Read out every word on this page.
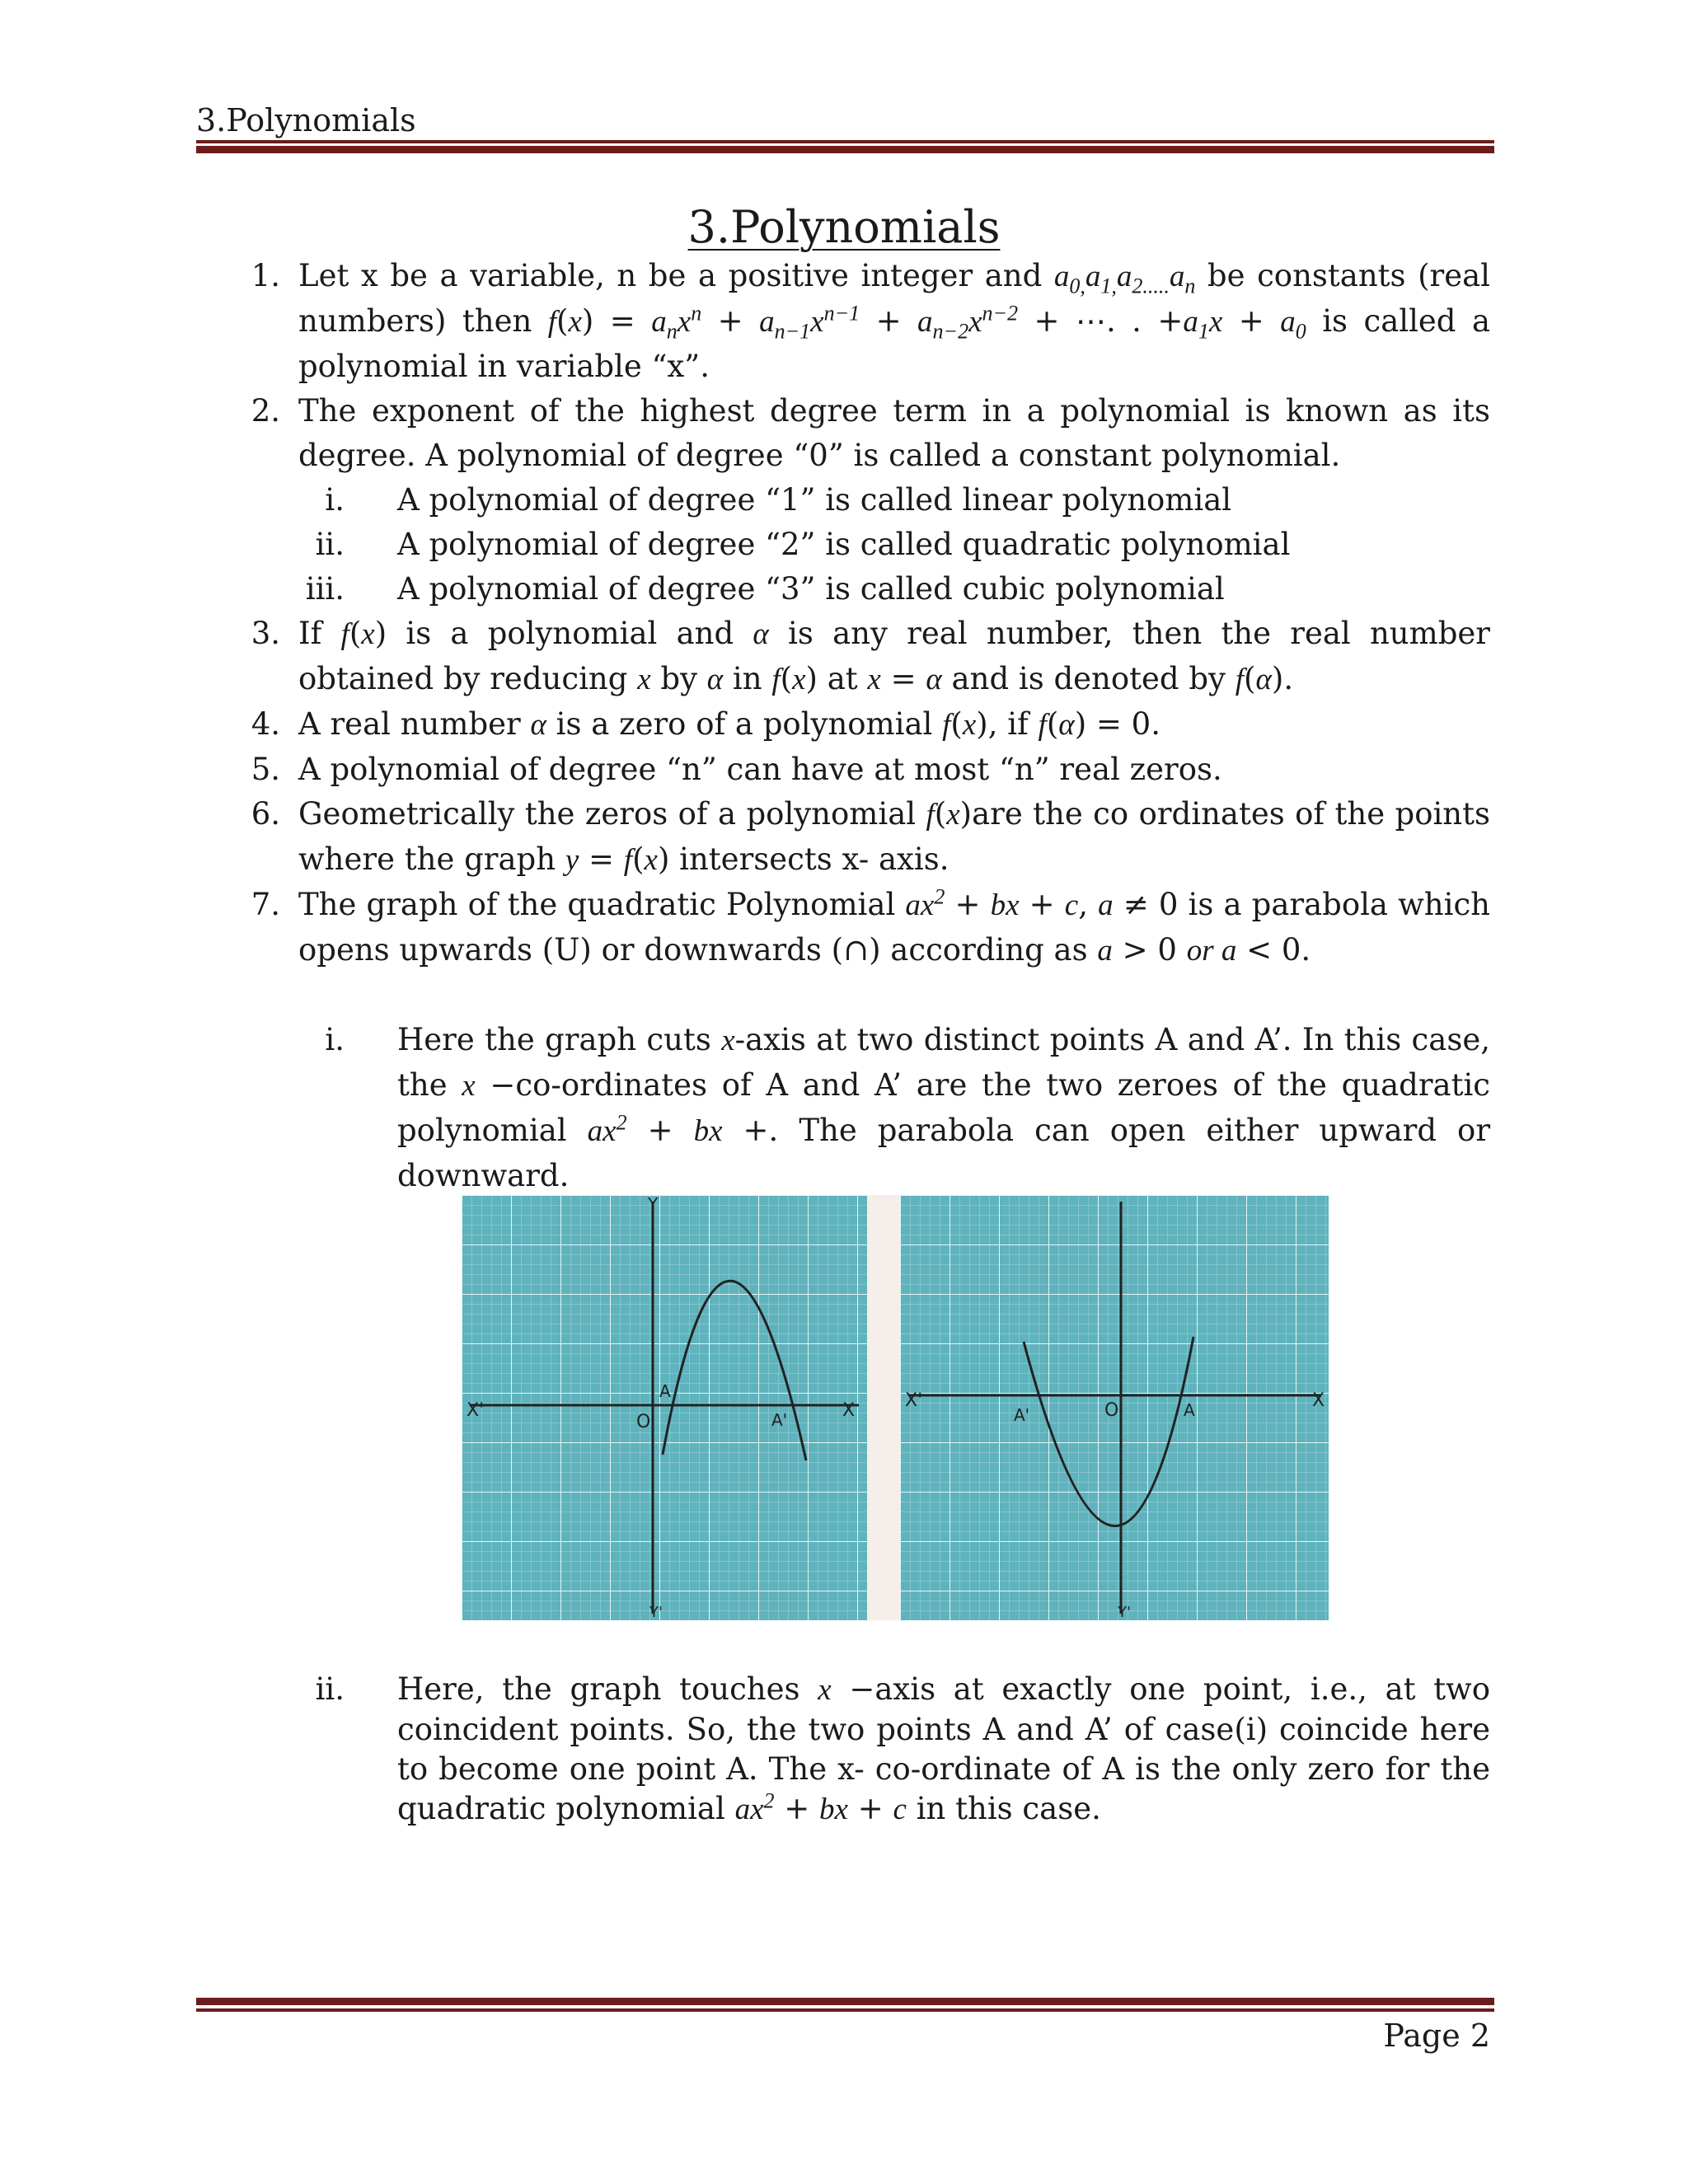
3.Polynomials
3.Polynomials
1. Let x be a variable, n be a positive integer and $a_{0,}a_{1,}a_{2.....}a_n$ be constants (real numbers) then $f(x) = a_nx^n + a_{n-1}x^{n-1} + a_{n-2}x^{n-2}$ + ⋯. . $+a_1x + a_0$ is called a polynomial in variable “x”.
2. The exponent of the highest degree term in a polynomial is known as its degree. A polynomial of degree “0” is called a constant polynomial.
i. A polynomial of degree “1” is called linear polynomial
ii. A polynomial of degree “2” is called quadratic polynomial
iii. A polynomial of degree “3” is called cubic polynomial
3. If f(x) is a polynomial and α is any real number, then the real number obtained by reducing x by α in f(x) at x = α and is denoted by f(α).
4. A real number α is a zero of a polynomial f(x), if f(α) = 0.
5. A polynomial of degree “n” can have at most “n” real zeros.
6. Geometrically the zeros of a polynomial f(x)are the co ordinates of the points where the graph y = f(x) intersects x- axis.
7. The graph of the quadratic Polynomial $ax^2$ + bx + c, a ≠ 0 is a parabola which opens upwards (U) or downwards (∩) according as a > 0 or a < 0.
i. Here the graph cuts x-axis at two distinct points A and A’. In this case, the x −co-ordinates of A and A’ are the two zeroes of the quadratic polynomial $ax^2$ + bx +. The parabola can open either upward or downward.
X'	X
Y
Y'
O
A
A'
X'	X
Y'
O
A'	A
ii. Here, the graph touches x −axis at exactly one point, i.e., at two coincident points. So, the two points A and A’ of case(i) coincide here to become one point A. The x- co-ordinate of A is the only zero for the quadratic polynomial $ax^2$ + bx + c in this case.
Page 2
